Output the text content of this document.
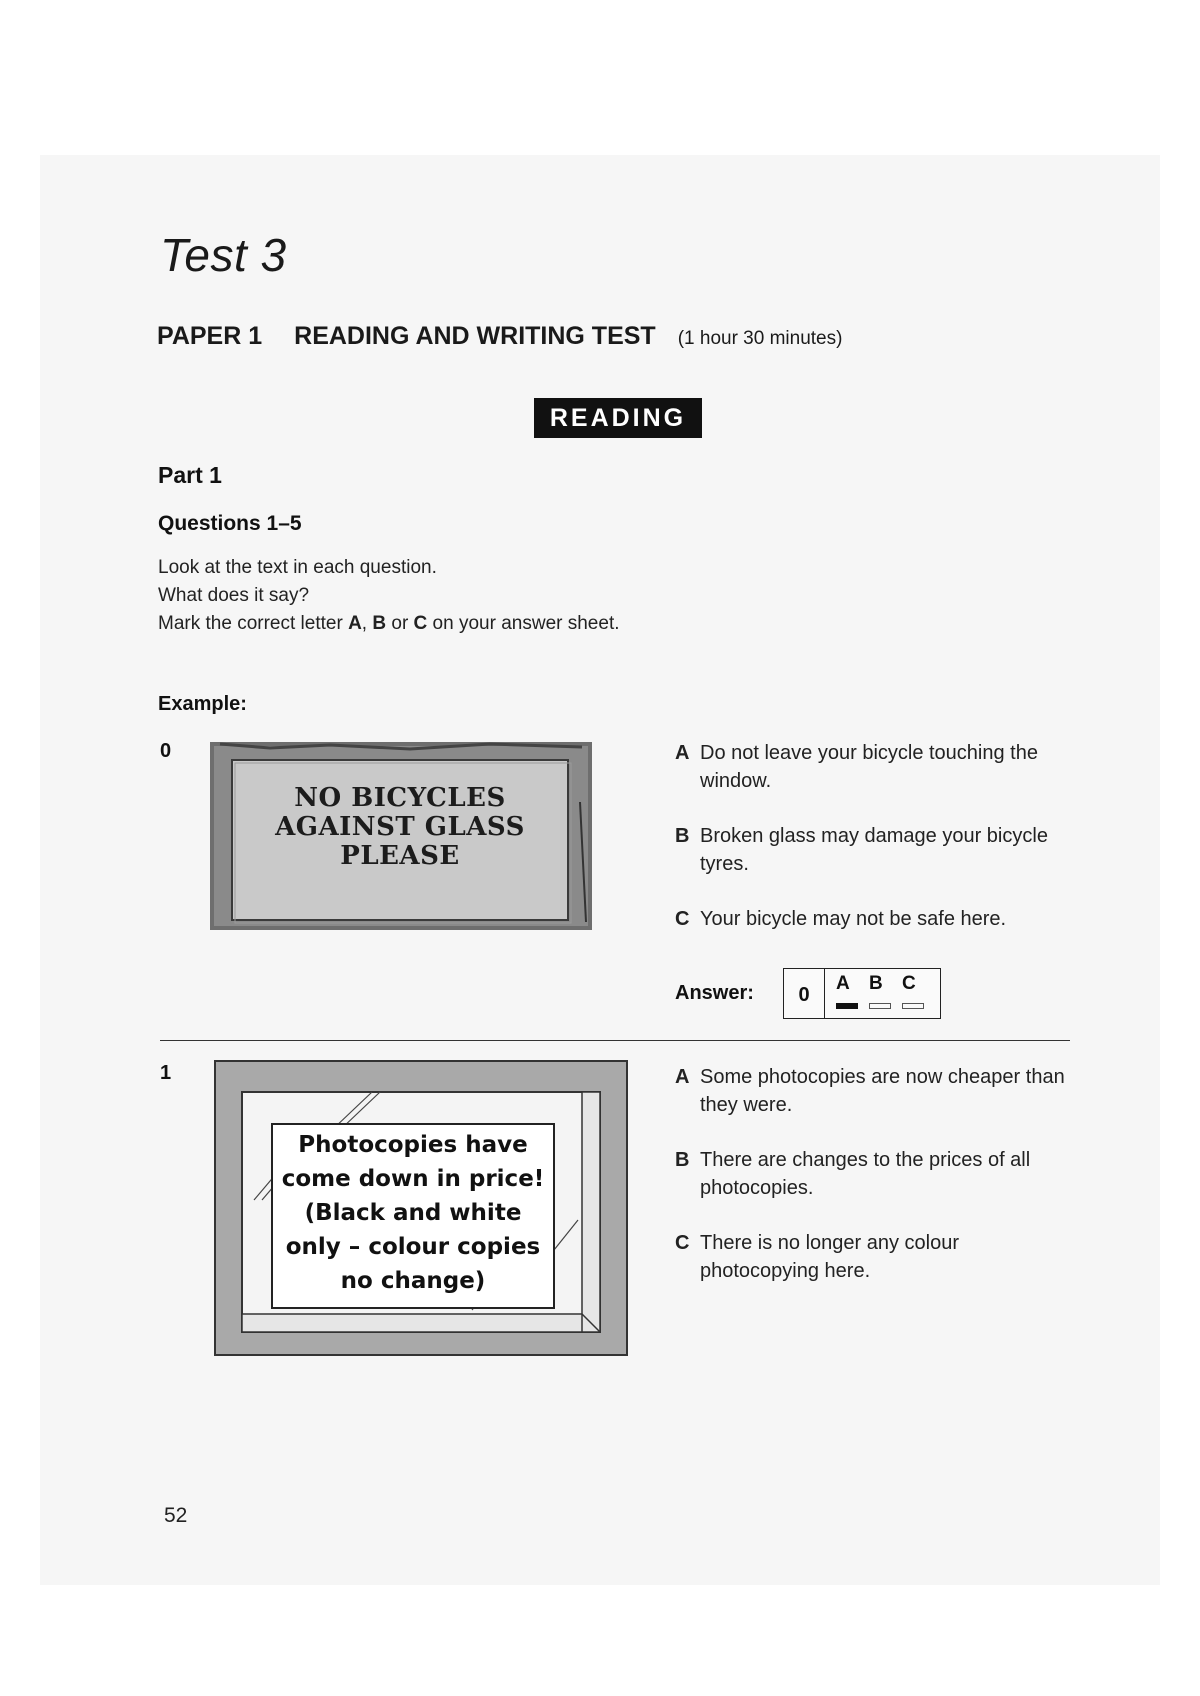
Test 3
PAPER 1 READING AND WRITING TEST (1 hour 30 minutes)
READING
Part 1
Questions 1–5

Look at the text in each question.

What does it say?

Mark the correct letter A, B or C on your answer sheet.

Example:
0
NO BICYCLES
AGAINST GLASS
PLEASE
A Do not leave your bicycle touching the window.
B Broken glass may damage your bicycle tyres.
C Your bicycle may not be safe here.
Answer:	0
A B C
1
Photocopies have
come down in price!
(Black and white
only – colour copies
no change)
A Some photocopies are now cheaper than they were.
B There are changes to the prices of all photocopies.
C There is no longer any colour photocopying here.
52
